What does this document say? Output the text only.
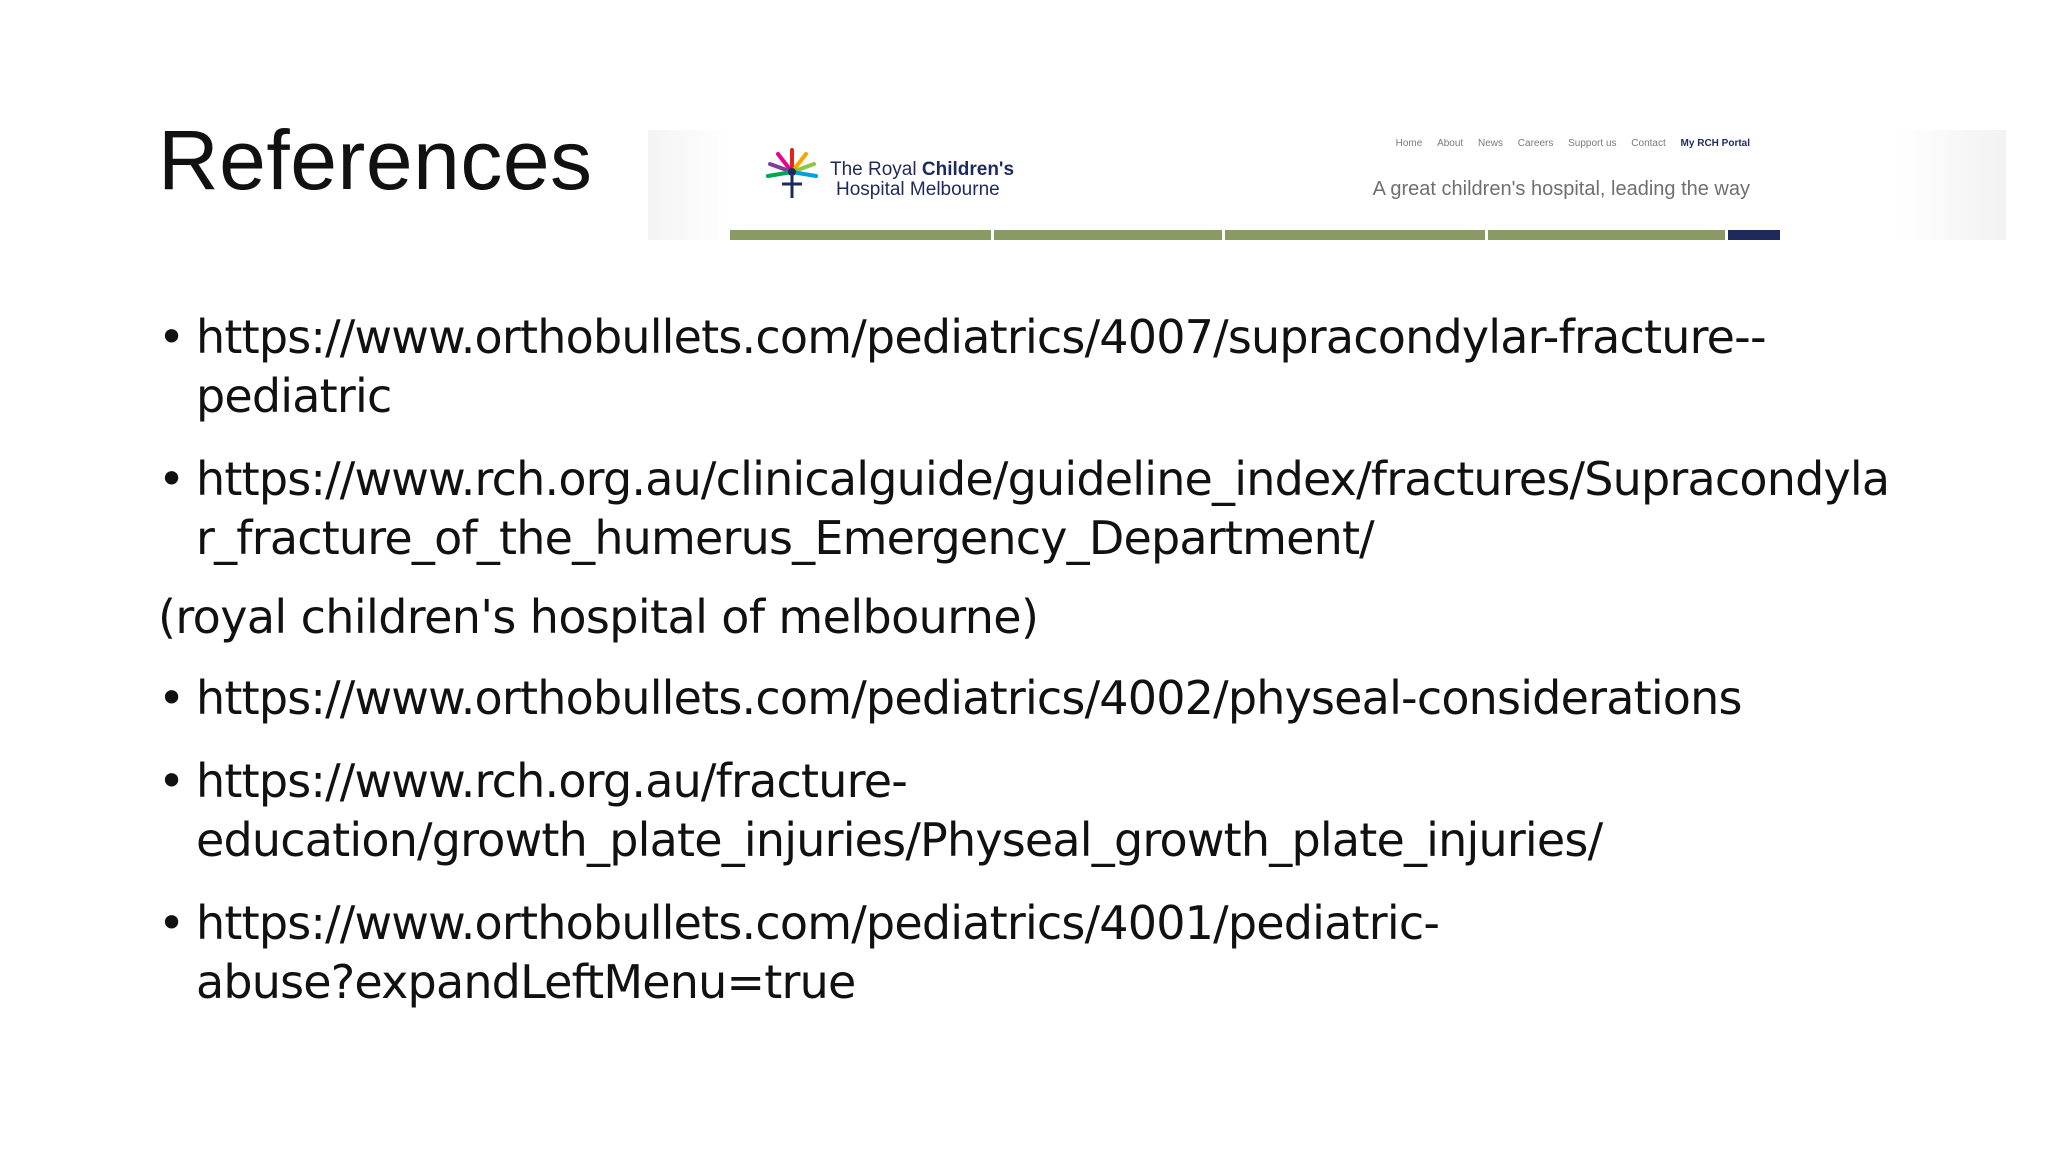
References	The Royal Children's
Hospital Melbourne
Home About News Careers Support us Contact My RCH Portal
A great children's hospital, leading the way
• https://www.orthobullets.com/pediatrics/4007/supracondylar-fracture--
pediatric
• https://www.rch.org.au/clinicalguide/guideline_index/fractures/Supracondyla
r_fracture_of_the_humerus_Emergency_Department/
(royal children's hospital of melbourne)
• https://www.orthobullets.com/pediatrics/4002/physeal-considerations
• https://www.rch.org.au/fracture-
education/growth_plate_injuries/Physeal_growth_plate_injuries/
• https://www.orthobullets.com/pediatrics/4001/pediatric-
abuse?expandLeftMenu=true
